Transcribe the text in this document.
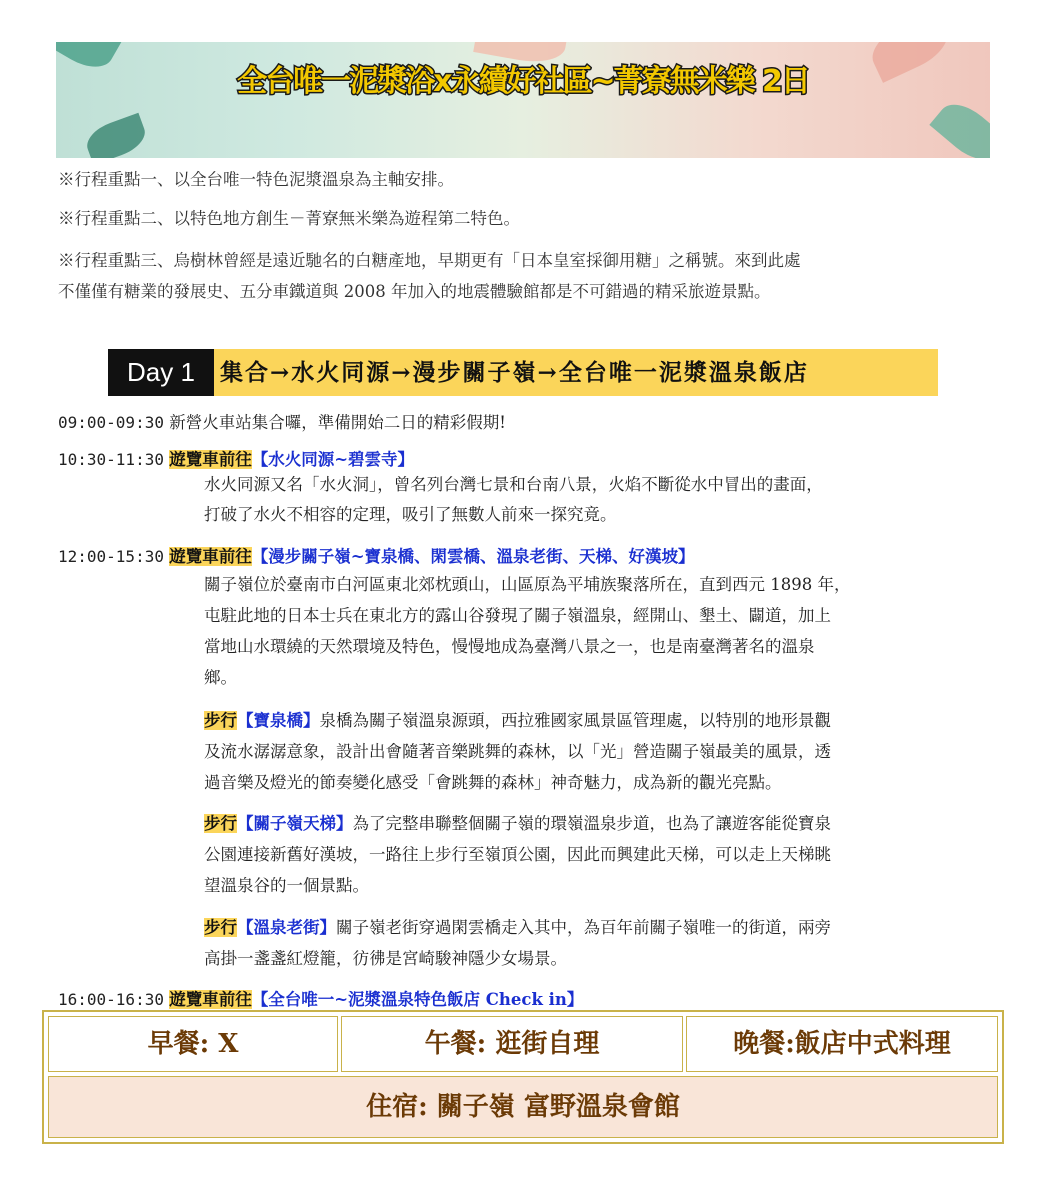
全台唯一泥漿浴x永續好社區~菁寮無米樂 2日
※行程重點一、以全台唯一特色泥漿溫泉為主軸安排。
※行程重點二、以特色地方創生－菁寮無米樂為遊程第二特色。
※行程重點三、烏樹林曾經是遠近馳名的白糖產地，早期更有「日本皇室採御用糖」之稱號。來到此處
不僅僅有糖業的發展史、五分車鐵道與 2008 年加入的地震體驗館都是不可錯過的精采旅遊景點。
Day 1	集合→水火同源→漫步關子嶺→全台唯一泥漿溫泉飯店
09:00-09:30 新營火車站集合囉，準備開始二日的精彩假期!
10:30-11:30 遊覽車前往【水火同源~碧雲寺】
水火同源又名「水火洞」，曾名列台灣七景和台南八景，火焰不斷從水中冒出的畫面，
打破了水火不相容的定理，吸引了無數人前來一探究竟。
12:00-15:30 遊覽車前往【漫步關子嶺~寶泉橋、閑雲橋、溫泉老街、天梯、好漢坡】
關子嶺位於臺南市白河區東北郊枕頭山，山區原為平埔族聚落所在，直到西元 1898 年，
屯駐此地的日本士兵在東北方的露山谷發現了關子嶺溫泉，經開山、墾土、闢道，加上
當地山水環繞的天然環境及特色，慢慢地成為臺灣八景之一，也是南臺灣著名的溫泉
鄉。
步行【寶泉橋】泉橋為關子嶺溫泉源頭，西拉雅國家風景區管理處，以特別的地形景觀
及流水潺潺意象，設計出會隨著音樂跳舞的森林，以「光」營造關子嶺最美的風景，透
過音樂及燈光的節奏變化感受「會跳舞的森林」神奇魅力，成為新的觀光亮點。
步行【關子嶺天梯】為了完整串聯整個關子嶺的環嶺溫泉步道，也為了讓遊客能從寶泉
公園連接新舊好漢坡，一路往上步行至嶺頂公園，因此而興建此天梯，可以走上天梯眺
望溫泉谷的一個景點。
步行【溫泉老街】關子嶺老街穿過閑雲橋走入其中，為百年前關子嶺唯一的街道，兩旁
高掛一盞盞紅燈籠，彷彿是宮崎駿神隱少女場景。
16:00-16:30 遊覽車前往【全台唯一~泥漿溫泉特色飯店 Check in】
早餐: X	午餐: 逛街自理	晚餐:飯店中式料理
住宿: 關子嶺 富野溫泉會館
